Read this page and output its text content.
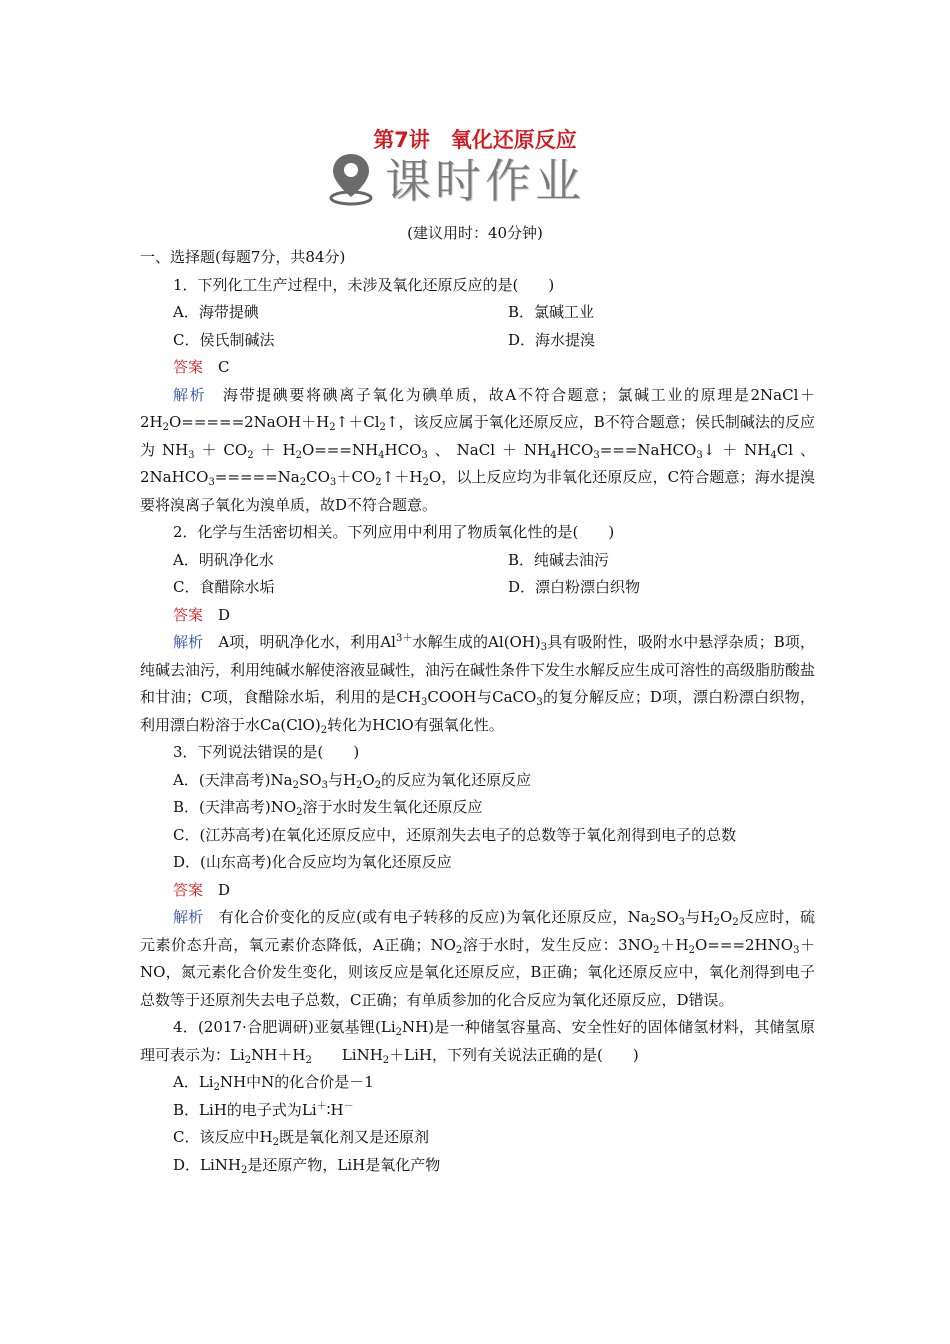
第7讲　氧化还原反应
课时作业
(建议用时：40分钟)
一、选择题(每题7分，共84分)
1．下列化工生产过程中，未涉及氧化还原反应的是(　　)
A．海带提碘	B．氯碱工业
C．侯氏制碱法	D．海水提溴
答案　 C
解析　海带提碘要将碘离子氧化为碘单质，故A不符合题意；氯碱工业的原理是$2NaCl+2H_2O=====2NaOH+H_2↑+Cl_2↑$，该反应属于氧化还原反应，B不符合题意；侯氏制碱法的反应为$NH_3+CO_2+H_2O===NH_4HCO_3$、$NaCl+NH_4HCO_3===NaHCO_3↓+NH_4Cl$、$2NaHCO_3=====Na_2CO_3+CO_2↑+H_2O$，以上反应均为非氧化还原反应，C符合题意；海水提溴要将溴离子氧化为溴单质，故D不符合题意。
2．化学与生活密切相关。下列应用中利用了物质氧化性的是(　　)
A．明矾净化水	B．纯碱去油污
C．食醋除水垢	D．漂白粉漂白织物
答案　 D
解析　A项，明矾净化水，利用$Al^{3+}$水解生成的$Al(OH)_3$具有吸附性，吸附水中悬浮杂质；B项，纯碱去油污，利用纯碱水解使溶液显碱性，油污在碱性条件下发生水解反应生成可溶性的高级脂肪酸盐和甘油；C项，食醋除水垢，利用的是$CH_3COOH$与CaCO$_3$的复分解反应；D项，漂白粉漂白织物，利用漂白粉溶于水$Ca(ClO)_2$转化为HClO有强氧化性。
3．下列说法错误的是(　　)
A．(天津高考)$Na_2SO_3$与$H_2O_2$的反应为氧化还原反应
B．(天津高考)$NO_2$溶于水时发生氧化还原反应
C．(江苏高考)在氧化还原反应中，还原剂失去电子的总数等于氧化剂得到电子的总数
D．(山东高考)化合反应均为氧化还原反应
答案　 D
解析　有化合价变化的反应(或有电子转移的反应)为氧化还原反应，$Na_2SO_3$与$H_2O_2$反应时，硫元素价态升高，氧元素价态降低，A正确；$NO_2$溶于水时，发生反应：$3NO_2+H_2O===2HNO_3+NO$，氮元素化合价发生变化，则该反应是氧化还原反应，B正确；氧化还原反应中，氧化剂得到电子总数等于还原剂失去电子总数，C正确；有单质参加的化合反应为氧化还原反应，D错误。
4．(2017·合肥调研)亚氨基锂$(Li_2NH)$是一种储氢容量高、安全性好的固体储氢材料，其储氢原理可表示为：$Li_2NH+H_2$　　LiNH$_2$＋LiH，下列有关说法正确的是(　　)
A．$Li_2NH$中N的化合价是－1
B．LiH的电子式为Li＋∶H－
C．该反应中$H_2$既是氧化剂又是还原剂
D．LiNH$_2$是还原产物，LiH是氧化产物
